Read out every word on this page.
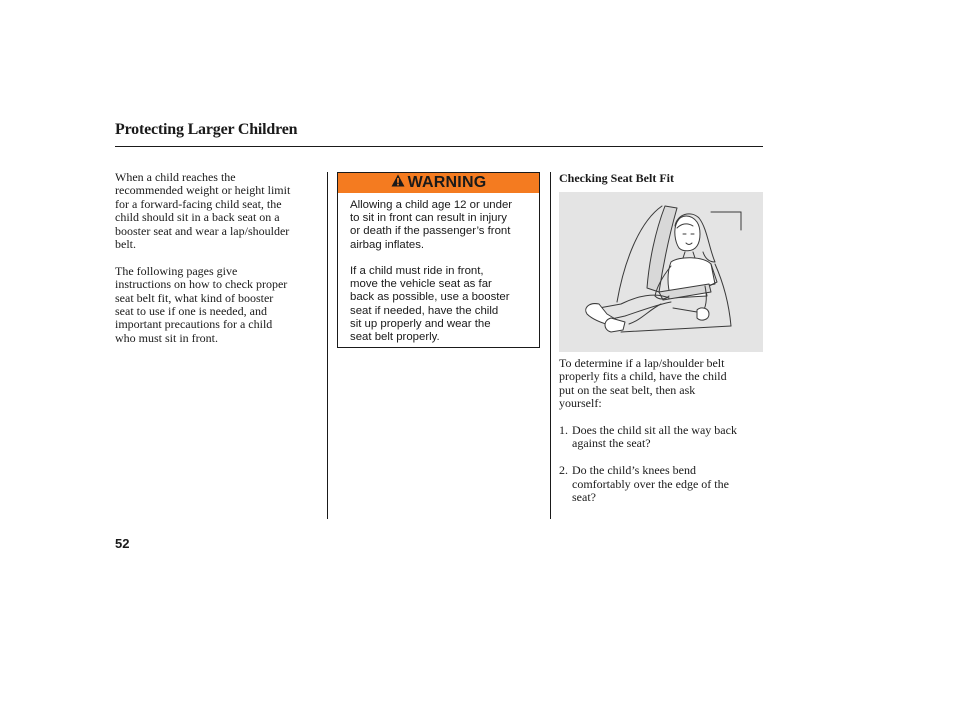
Protecting Larger Children

When a child reaches the
recommended weight or height limit
for a forward-facing child seat, the
child should sit in a back seat on a
booster seat and wear a lap/shoulder
belt.

The following pages give
instructions on how to check proper
seat belt fit, what kind of booster
seat to use if one is needed, and
important precautions for a child
who must sit in front.

WARNING

Allowing a child age 12 or under
to sit in front can result in injury
or death if the passenger’s front
airbag inflates.

If a child must ride in front,
move the vehicle seat as far
back as possible, use a booster
seat if needed, have the child
sit up properly and wear the
seat belt properly.

Checking Seat Belt Fit

To determine if a lap/shoulder belt
properly fits a child, have the child
put on the seat belt, then ask
yourself:

1. Does the child sit all the way back
against the seat?
2. Do the child’s knees bend
comfortably over the edge of the
seat?
52
